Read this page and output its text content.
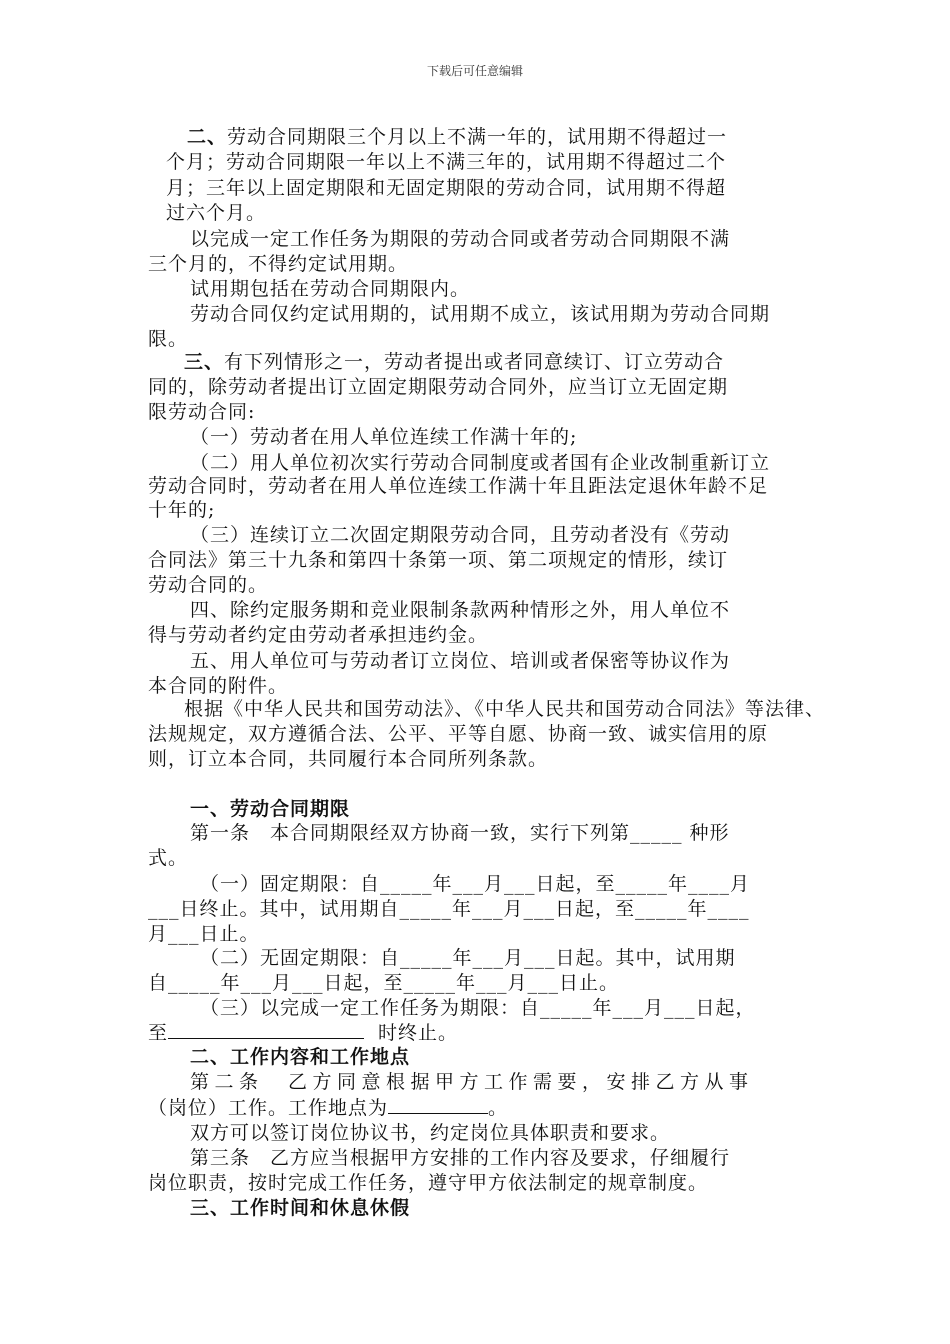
下载后可任意编辑
二、劳动合同期限三个月以上不满一年的，试用期不得超过一
个月；劳动合同期限一年以上不满三年的，试用期不得超过二个
月；三年以上固定期限和无固定期限的劳动合同，试用期不得超
过六个月。
以完成一定工作任务为期限的劳动合同或者劳动合同期限不满
三个月的，不得约定试用期。
试用期包括在劳动合同期限内。
劳动合同仅约定试用期的，试用期不成立，该试用期为劳动合同期
限。
三、有下列情形之一，劳动者提出或者同意续订、订立劳动合
同的，除劳动者提出订立固定期限劳动合同外，应当订立无固定期
限劳动合同:
（一）劳动者在用人单位连续工作满十年的;
（二）用人单位初次实行劳动合同制度或者国有企业改制重新订立
劳动合同时，劳动者在用人单位连续工作满十年且距法定退休年龄不足
十年的;
（三）连续订立二次固定期限劳动合同，且劳动者没有《劳动
合同法》第三十九条和第四十条第一项、第二项规定的情形，续订
劳动合同的。
四、除约定服务期和竞业限制条款两种情形之外，用人单位不
得与劳动者约定由劳动者承担违约金。
五、用人单位可与劳动者订立岗位、培训或者保密等协议作为
本合同的附件。
根据《中华人民共和国劳动法》、《中华人民共和国劳动合同法》等法律、
法规规定，双方遵循合法、公平、平等自愿、协商一致、诚实信用的原
则，订立本合同，共同履行本合同所列条款。
一、劳动合同期限
第一条　本合同期限经双方协商一致，实行下列第_____ 种形
式。
（一）固定期限：自_____年___月___日起，至_____年____月
___日终止。其中，试用期自_____年___月___日起，至_____年____
月___日止。
（二）无固定期限：自_____年___月___日起。其中，试用期
自_____年___月___日起，至_____年___月___日止。
（三）以完成一定工作任务为期限：自_____年___月___日起，
至	时终止。
二、工作内容和工作地点
第二条　乙方同意根据甲方工作需要，安排乙方从事
（岗位）工作。工作地点为	。
双方可以签订岗位协议书，约定岗位具体职责和要求。
第三条　乙方应当根据甲方安排的工作内容及要求，仔细履行
岗位职责，按时完成工作任务，遵守甲方依法制定的规章制度。
三、工作时间和休息休假
